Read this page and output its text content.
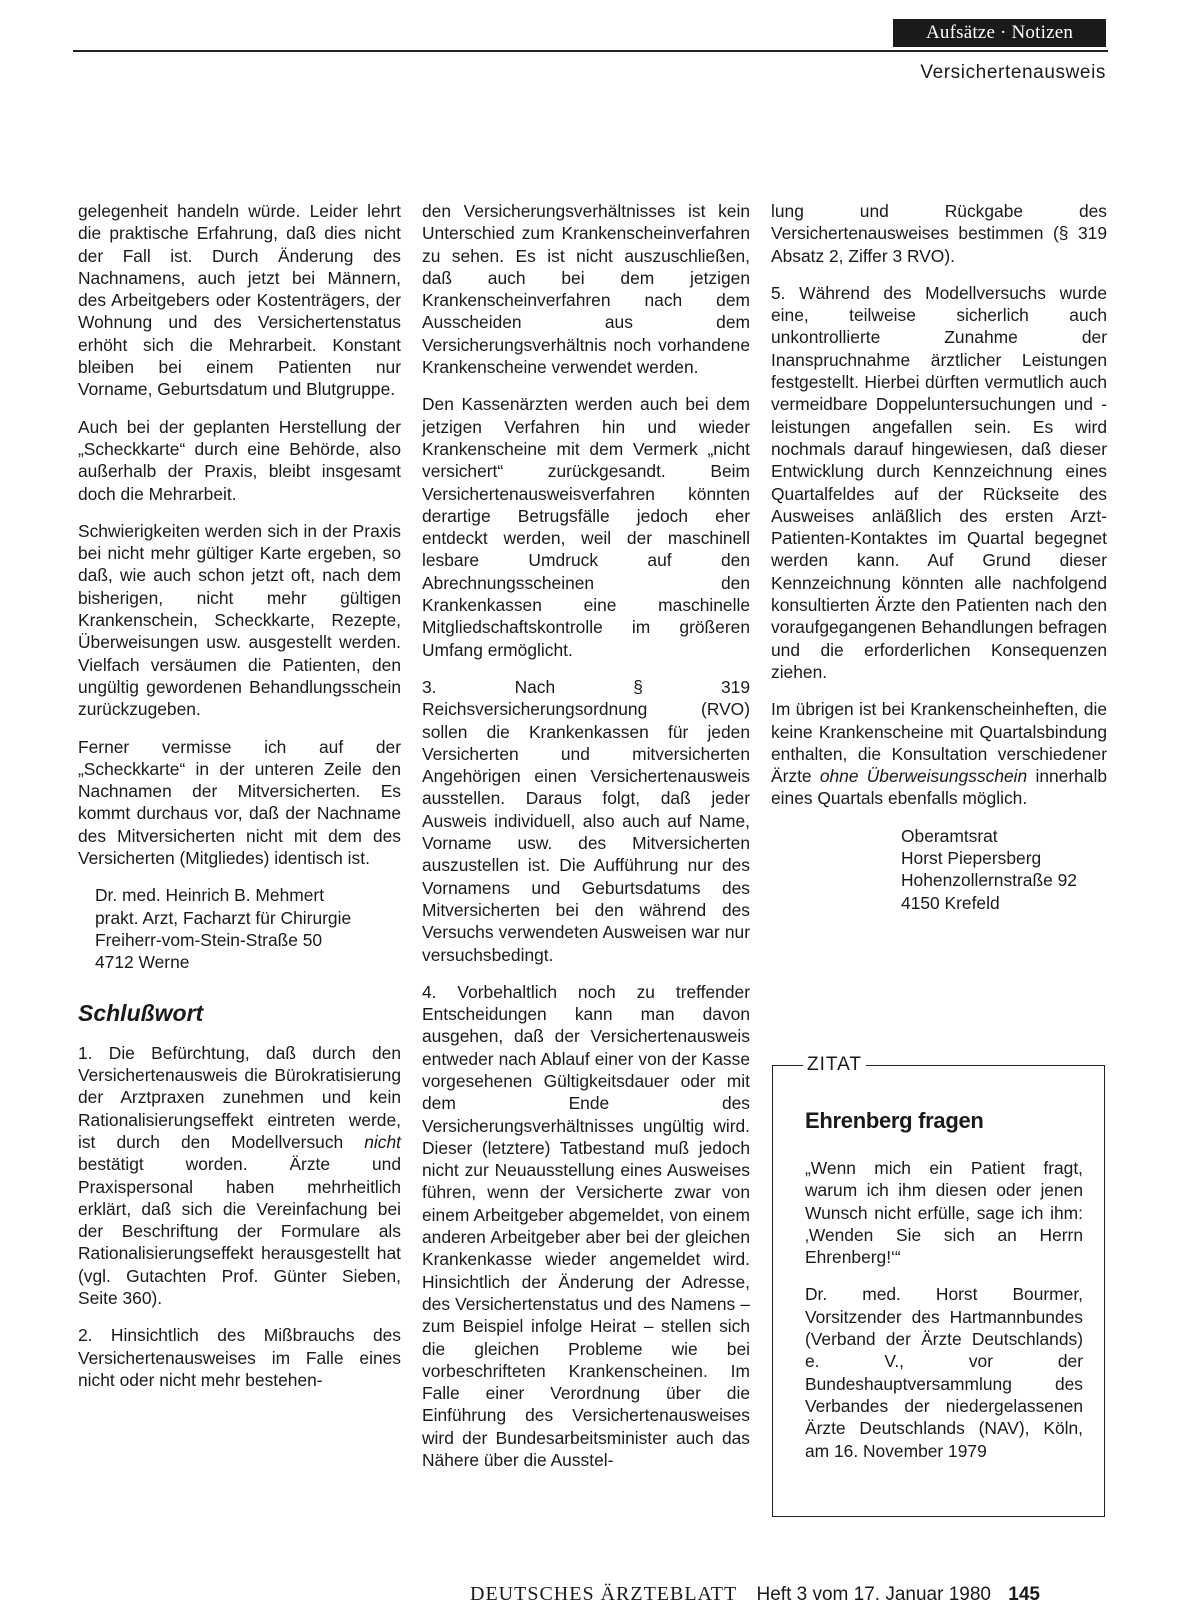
Aufsätze · Notizen
Versichertenausweis

gelegenheit handeln würde. Leider lehrt die praktische Erfahrung, daß dies nicht der Fall ist. Durch Änderung des Nachnamens, auch jetzt bei Männern, des Arbeitgebers oder Kostenträgers, der Wohnung und des Versichertenstatus erhöht sich die Mehrarbeit. Konstant bleiben bei einem Patienten nur Vorname, Geburtsdatum und Blutgruppe.

Auch bei der geplanten Herstellung der „Scheckkarte“ durch eine Behörde, also außerhalb der Praxis, bleibt insgesamt doch die Mehrarbeit.

Schwierigkeiten werden sich in der Praxis bei nicht mehr gültiger Karte ergeben, so daß, wie auch schon jetzt oft, nach dem bisherigen, nicht mehr gültigen Krankenschein, Scheckkarte, Rezepte, Überweisungen usw. ausgestellt werden. Vielfach versäumen die Patienten, den ungültig gewordenen Behandlungsschein zurückzugeben.

Ferner vermisse ich auf der „Scheckkarte“ in der unteren Zeile den Nachnamen der Mitversicherten. Es kommt durchaus vor, daß der Nachname des Mitversicherten nicht mit dem des Versicherten (Mitgliedes) identisch ist.

Dr. med. Heinrich B. Mehmert
prakt. Arzt, Facharzt für Chirurgie
Freiherr-vom-Stein-Straße 50
4712 Werne
Schlußwort

1. Die Befürchtung, daß durch den Versichertenausweis die Bürokratisierung der Arztpraxen zunehmen und kein Rationalisierungseffekt eintreten werde, ist durch den Modellversuch nicht bestätigt worden. Ärzte und Praxispersonal haben mehrheitlich erklärt, daß sich die Vereinfachung bei der Beschriftung der Formulare als Rationalisierungseffekt herausgestellt hat (vgl. Gutachten Prof. Günter Sieben, Seite 360).

2. Hinsichtlich des Mißbrauchs des Versichertenausweises im Falle eines nicht oder nicht mehr bestehen-

den Versicherungsverhältnisses ist kein Unterschied zum Krankenscheinverfahren zu sehen. Es ist nicht auszuschließen, daß auch bei dem jetzigen Krankenscheinverfahren nach dem Ausscheiden aus dem Versicherungsverhältnis noch vorhandene Krankenscheine verwendet werden.

Den Kassenärzten werden auch bei dem jetzigen Verfahren hin und wieder Krankenscheine mit dem Vermerk „nicht versichert“ zurückgesandt. Beim Versichertenausweisverfahren könnten derartige Betrugsfälle jedoch eher entdeckt werden, weil der maschinell lesbare Umdruck auf den Abrechnungsscheinen den Krankenkassen eine maschinelle Mitgliedschaftskontrolle im größeren Umfang ermöglicht.

3. Nach § 319 Reichsversicherungsordnung (RVO) sollen die Krankenkassen für jeden Versicherten und mitversicherten Angehörigen einen Versichertenausweis ausstellen. Daraus folgt, daß jeder Ausweis individuell, also auch auf Name, Vorname usw. des Mitversicherten auszustellen ist. Die Aufführung nur des Vornamens und Geburtsdatums des Mitversicherten bei den während des Versuchs verwendeten Ausweisen war nur versuchsbedingt.

4. Vorbehaltlich noch zu treffender Entscheidungen kann man davon ausgehen, daß der Versichertenausweis entweder nach Ablauf einer von der Kasse vorgesehenen Gültigkeitsdauer oder mit dem Ende des Versicherungsverhältnisses ungültig wird. Dieser (letztere) Tatbestand muß jedoch nicht zur Neuausstellung eines Ausweises führen, wenn der Versicherte zwar von einem Arbeitgeber abgemeldet, von einem anderen Arbeitgeber aber bei der gleichen Krankenkasse wieder angemeldet wird. Hinsichtlich der Änderung der Adresse, des Versichertenstatus und des Namens – zum Beispiel infolge Heirat – stellen sich die gleichen Probleme wie bei vorbeschrifteten Krankenscheinen. Im Falle einer Verordnung über die Einführung des Versichertenausweises wird der Bundesarbeitsminister auch das Nähere über die Ausstel-

lung und Rückgabe des Versichertenausweises bestimmen (§ 319 Absatz 2, Ziffer 3 RVO).

5. Während des Modellversuchs wurde eine, teilweise sicherlich auch unkontrollierte Zunahme der Inanspruchnahme ärztlicher Leistungen festgestellt. Hierbei dürften vermutlich auch vermeidbare Doppeluntersuchungen und -leistungen angefallen sein. Es wird nochmals darauf hingewiesen, daß dieser Entwicklung durch Kennzeichnung eines Quartalfeldes auf der Rückseite des Ausweises anläßlich des ersten Arzt-Patienten-Kontaktes im Quartal begegnet werden kann. Auf Grund dieser Kennzeichnung könnten alle nachfolgend konsultierten Ärzte den Patienten nach den voraufgegangenen Behandlungen befragen und die erforderlichen Konsequenzen ziehen.

Im übrigen ist bei Krankenscheinheften, die keine Krankenscheine mit Quartalsbindung enthalten, die Konsultation verschiedener Ärzte ohne Überweisungsschein innerhalb eines Quartals ebenfalls möglich.

Oberamtsrat
Horst Piepersberg
Hohenzollernstraße 92
4150 Krefeld
ZITAT
Ehrenberg fragen

„Wenn mich ein Patient fragt, warum ich ihm diesen oder jenen Wunsch nicht erfülle, sage ich ihm: ‚Wenden Sie sich an Herrn Ehrenberg!‘“

Dr. med. Horst Bourmer, Vorsitzender des Hartmannbundes (Verband der Ärzte Deutschlands) e. V., vor der Bundeshauptversammlung des Verbandes der niedergelassenen Ärzte Deutschlands (NAV), Köln, am 16. November 1979

DEUTSCHES ÄRZTEBLATT Heft 3 vom 17. Januar 1980 145
